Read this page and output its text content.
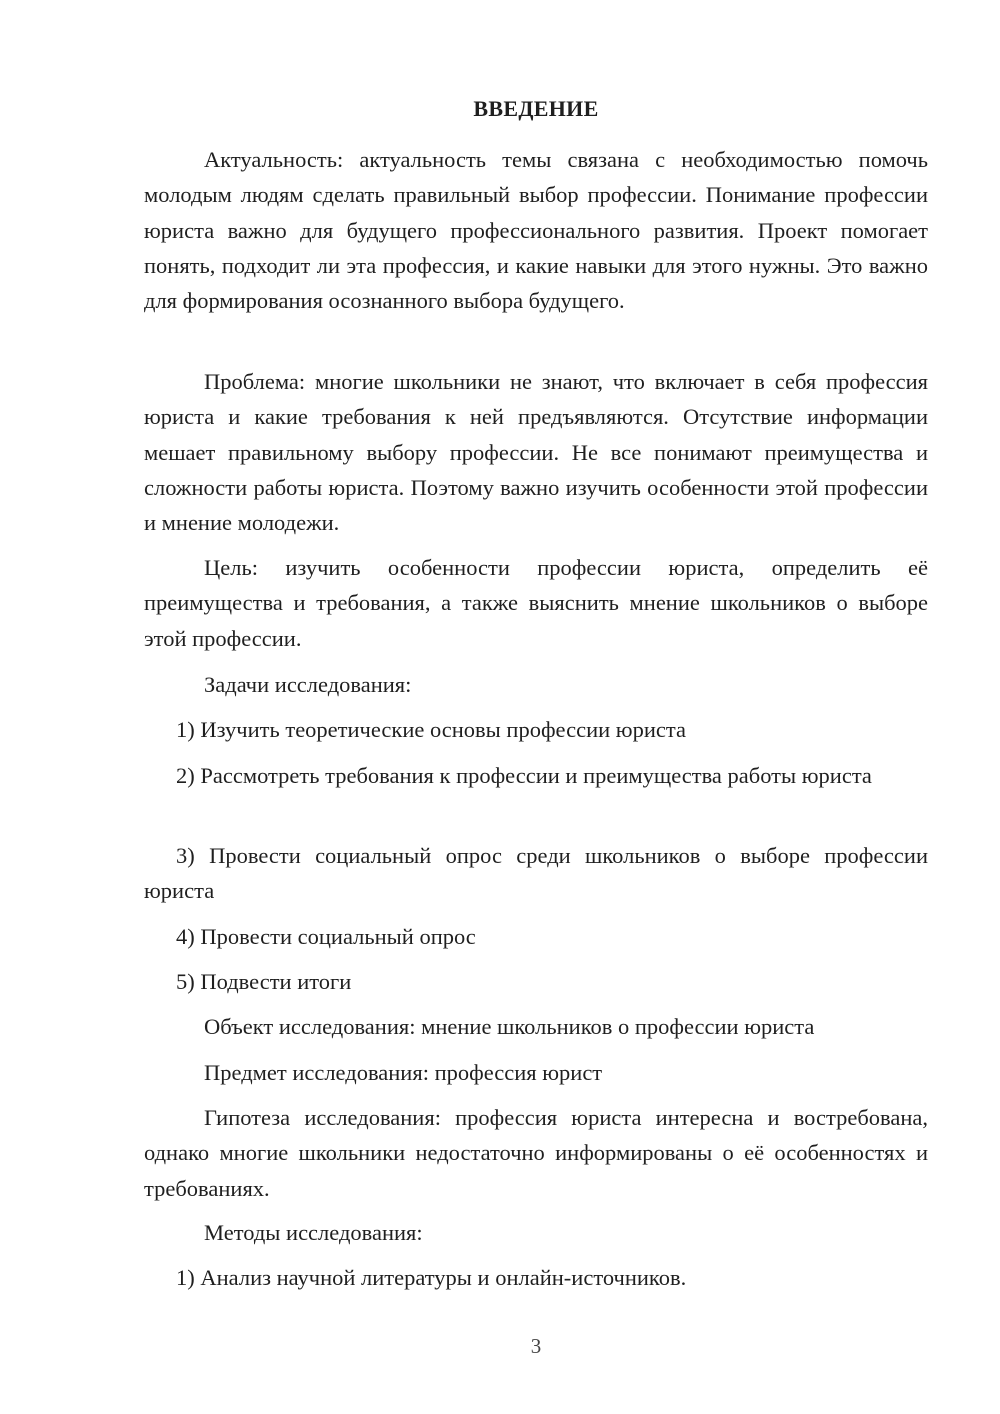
ВВЕДЕНИЕ

Актуальность: актуальность темы связана с необходимостью помочь молодым людям сделать правильный выбор профессии. Понимание профессии юриста важно для будущего профессионального развития. Проект помогает понять, подходит ли эта профессия, и какие навыки для этого нужны. Это важно для формирования осознанного выбора будущего.

Проблема: многие школьники не знают, что включает в себя профессия юриста и какие требования к ней предъявляются. Отсутствие информации мешает правильному выбору профессии. Не все понимают преимущества и сложности работы юриста. Поэтому важно изучить особенности этой профессии и мнение молодежи.

Цель: изучить особенности профессии юриста, определить её преимущества и требования, а также выяснить мнение школьников о выборе этой профессии.

Задачи исследования:

1) Изучить теоретические основы профессии юриста

2) Рассмотреть требования к профессии и преимущества работы юриста

3) Провести социальный опрос среди школьников о выборе профессии юриста

4) Провести социальный опрос

5) Подвести итоги

Объект исследования: мнение школьников о профессии юриста

Предмет исследования: профессия юрист

Гипотеза исследования: профессия юриста интересна и востребована, однако многие школьники недостаточно информированы о её особенностях и требованиях.

Методы исследования:

1) Анализ научной литературы и онлайн-источников.

3
